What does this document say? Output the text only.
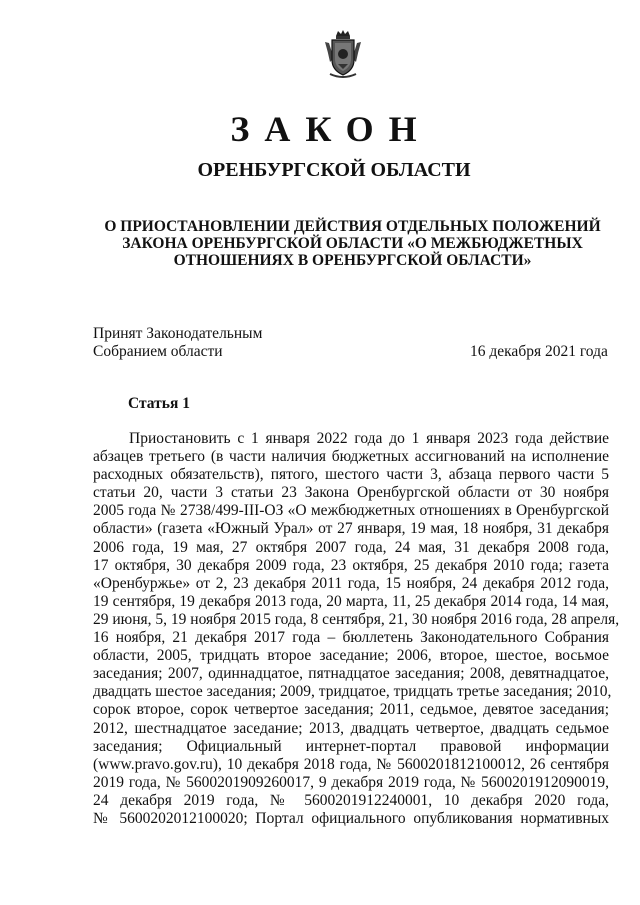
ЗАКОН
ОРЕНБУРГСКОЙ ОБЛАСТИ
О ПРИОСТАНОВЛЕНИИ ДЕЙСТВИЯ ОТДЕЛЬНЫХ ПОЛОЖЕНИЙ
ЗАКОНА ОРЕНБУРГСКОЙ ОБЛАСТИ «О МЕЖБЮДЖЕТНЫХ
ОТНОШЕНИЯХ В ОРЕНБУРГСКОЙ ОБЛАСТИ»
Принят Законодательным
Собранием области	16 декабря 2021 года
Статья 1
Приостановить с 1 января 2022 года до 1 января 2023 года действие
абзацев третьего (в части наличия бюджетных ассигнований на исполнение
расходных обязательств), пятого, шестого части 3, абзаца первого части 5
статьи 20, части 3 статьи 23 Закона Оренбургской области от 30 ноября
2005 года № 2738/499-III-ОЗ «О межбюджетных отношениях в Оренбургской
области» (газета «Южный Урал» от 27 января, 19 мая, 18 ноября, 31 декабря
2006 года, 19 мая, 27 октября 2007 года, 24 мая, 31 декабря 2008 года,
17 октября, 30 декабря 2009 года, 23 октября, 25 декабря 2010 года; газета
«Оренбуржье» от 2, 23 декабря 2011 года, 15 ноября, 24 декабря 2012 года,
19 сентября, 19 декабря 2013 года, 20 марта, 11, 25 декабря 2014 года, 14 мая,
29 июня, 5, 19 ноября 2015 года, 8 сентября, 21, 30 ноября 2016 года, 28 апреля,
16 ноября, 21 декабря 2017 года – бюллетень Законодательного Собрания
области, 2005, тридцать второе заседание; 2006, второе, шестое, восьмое
заседания; 2007, одиннадцатое, пятнадцатое заседания; 2008, девятнадцатое,
двадцать шестое заседания; 2009, тридцатое, тридцать третье заседания; 2010,
сорок второе, сорок четвертое заседания; 2011, седьмое, девятое заседания;
2012, шестнадцатое заседание; 2013, двадцать четвертое, двадцать седьмое
заседания; Официальный интернет-портал правовой информации
(www.pravo.gov.ru), 10 декабря 2018 года, № 5600201812100012, 26 сентября
2019 года, № 5600201909260017, 9 декабря 2019 года, № 5600201912090019,
24 декабря 2019 года, № 5600201912240001, 10 декабря 2020 года,
№ 5600202012100020; Портал официального опубликования нормативных
